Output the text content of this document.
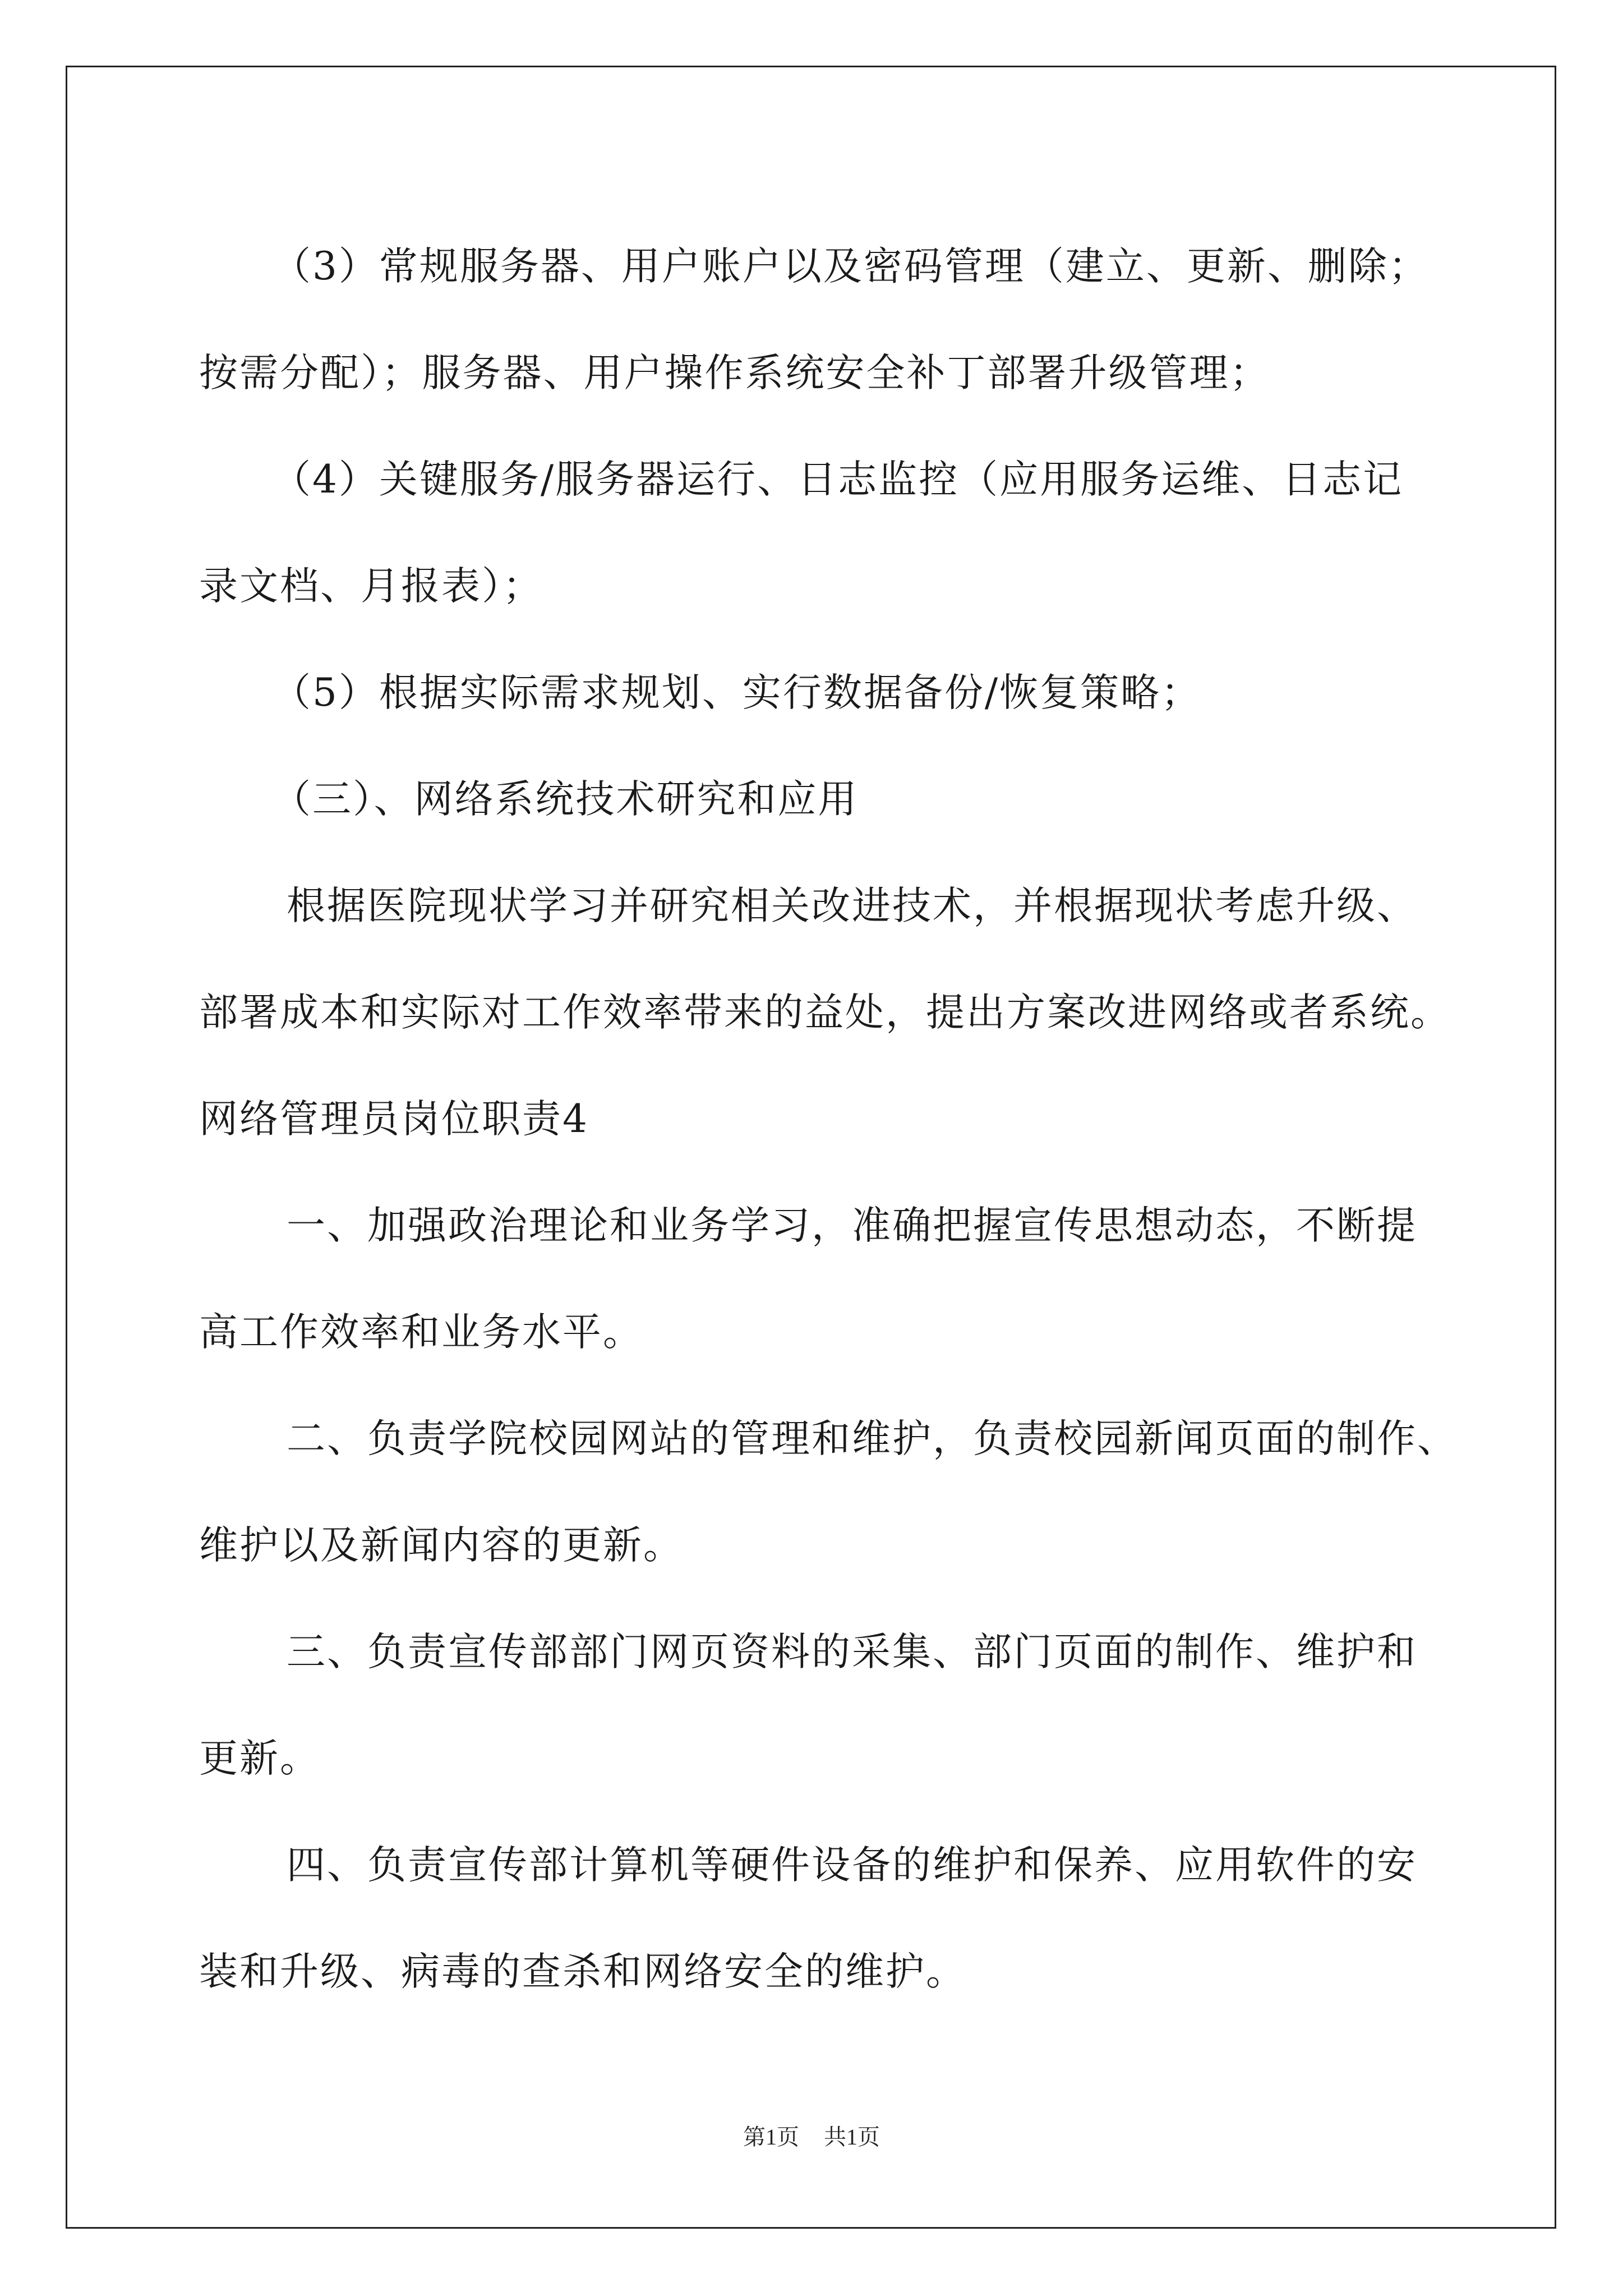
（3）常规服务器、用户账户以及密码管理（建立、更新、删除；
按需分配）；服务器、用户操作系统安全补丁部署升级管理；
（4）关键服务/服务器运行、日志监控（应用服务运维、日志记
录文档、月报表）；
（5）根据实际需求规划、实行数据备份/恢复策略；
（三）、网络系统技术研究和应用
根据医院现状学习并研究相关改进技术，并根据现状考虑升级、
部署成本和实际对工作效率带来的益处，提出方案改进网络或者系统。
网络管理员岗位职责4
一、加强政治理论和业务学习，准确把握宣传思想动态，不断提
高工作效率和业务水平。
二、负责学院校园网站的管理和维护，负责校园新闻页面的制作、
维护以及新闻内容的更新。
三、负责宣传部部门网页资料的采集、部门页面的制作、维护和
更新。
四、负责宣传部计算机等硬件设备的维护和保养、应用软件的安
装和升级、病毒的查杀和网络安全的维护。
第1页 共1页
